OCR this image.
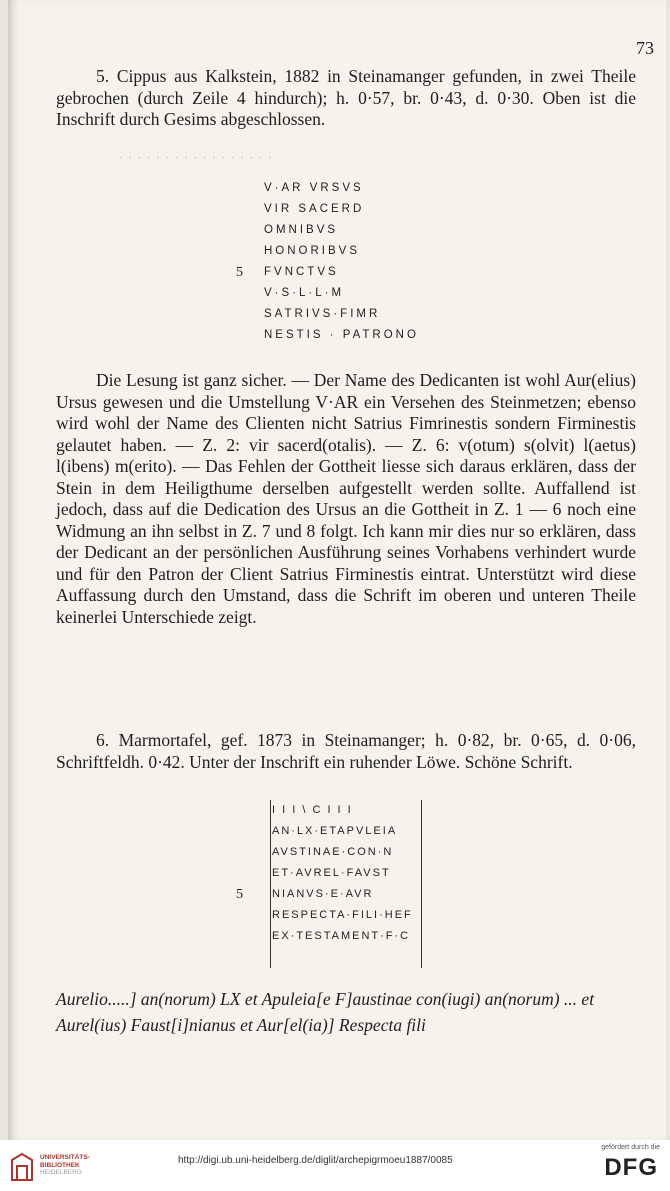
73
· · · · · · · · · · · · · · · · ·

5. Cippus aus Kalkstein, 1882 in Steinamanger gefunden, in zwei Theile gebrochen (durch Zeile 4 hindurch); h. 0·57, br. 0·43, d. 0·30. Oben ist die Inschrift durch Gesims abgeschlossen.

V·AR VRSVS
VIR SACERD
OMNIBVS
HONORIBVS
5 FVNCTVS
V·S·L·L·M
SATRIVS·FIMR
NESTIS · PATRONO

Die Lesung ist ganz sicher. — Der Name des Dedicanten ist wohl Aur(elius) Ursus gewesen und die Umstellung V·AR ein Versehen des Steinmetzen; ebenso wird wohl der Name des Clienten nicht Satrius Fimrinestis sondern Firminestis gelautet haben. — Z. 2: vir sacerd(otalis). — Z. 6: v(otum) s(olvit) l(aetus) l(ibens) m(erito). — Das Fehlen der Gottheit liesse sich daraus erklären, dass der Stein in dem Heiligthume derselben aufgestellt werden sollte. Auffallend ist jedoch, dass auf die Dedication des Ursus an die Gottheit in Z. 1 — 6 noch eine Widmung an ihn selbst in Z. 7 und 8 folgt. Ich kann mir dies nur so erklären, dass der Dedicant an der persönlichen Ausführung seines Vorhabens verhindert wurde und für den Patron der Client Satrius Firminestis eintrat. Unterstützt wird diese Auffassung durch den Umstand, dass die Schrift im oberen und unteren Theile keinerlei Unterschiede zeigt.

6. Marmortafel, gef. 1873 in Steinamanger; h. 0·82, br. 0·65, d. 0·06, Schriftfeldh. 0·42. Unter der Inschrift ein ruhender Löwe. Schöne Schrift.

I I I \ C I I I
AN·LX·ETAPVLEIA
AVSTINAE·CON·N
ET·AVREL·FAVST
5	NIANVS·E·AVR
RESPECTA·FILI·HEF
EX·TESTAMENT·F·C
Aurelio.....] an(norum) LX et Apuleia[e F]austinae con(iugi) an(norum) ... et Aurel(ius) Faust[i]nianus et Aur[el(ia)] Respecta fili
UNIVERSITÄTS-
BIBLIOTHEK
HEIDELBERG
http://digi.ub.uni-heidelberg.de/diglit/archepigrmoeu1887/0085
gefördert durch die
DFG
